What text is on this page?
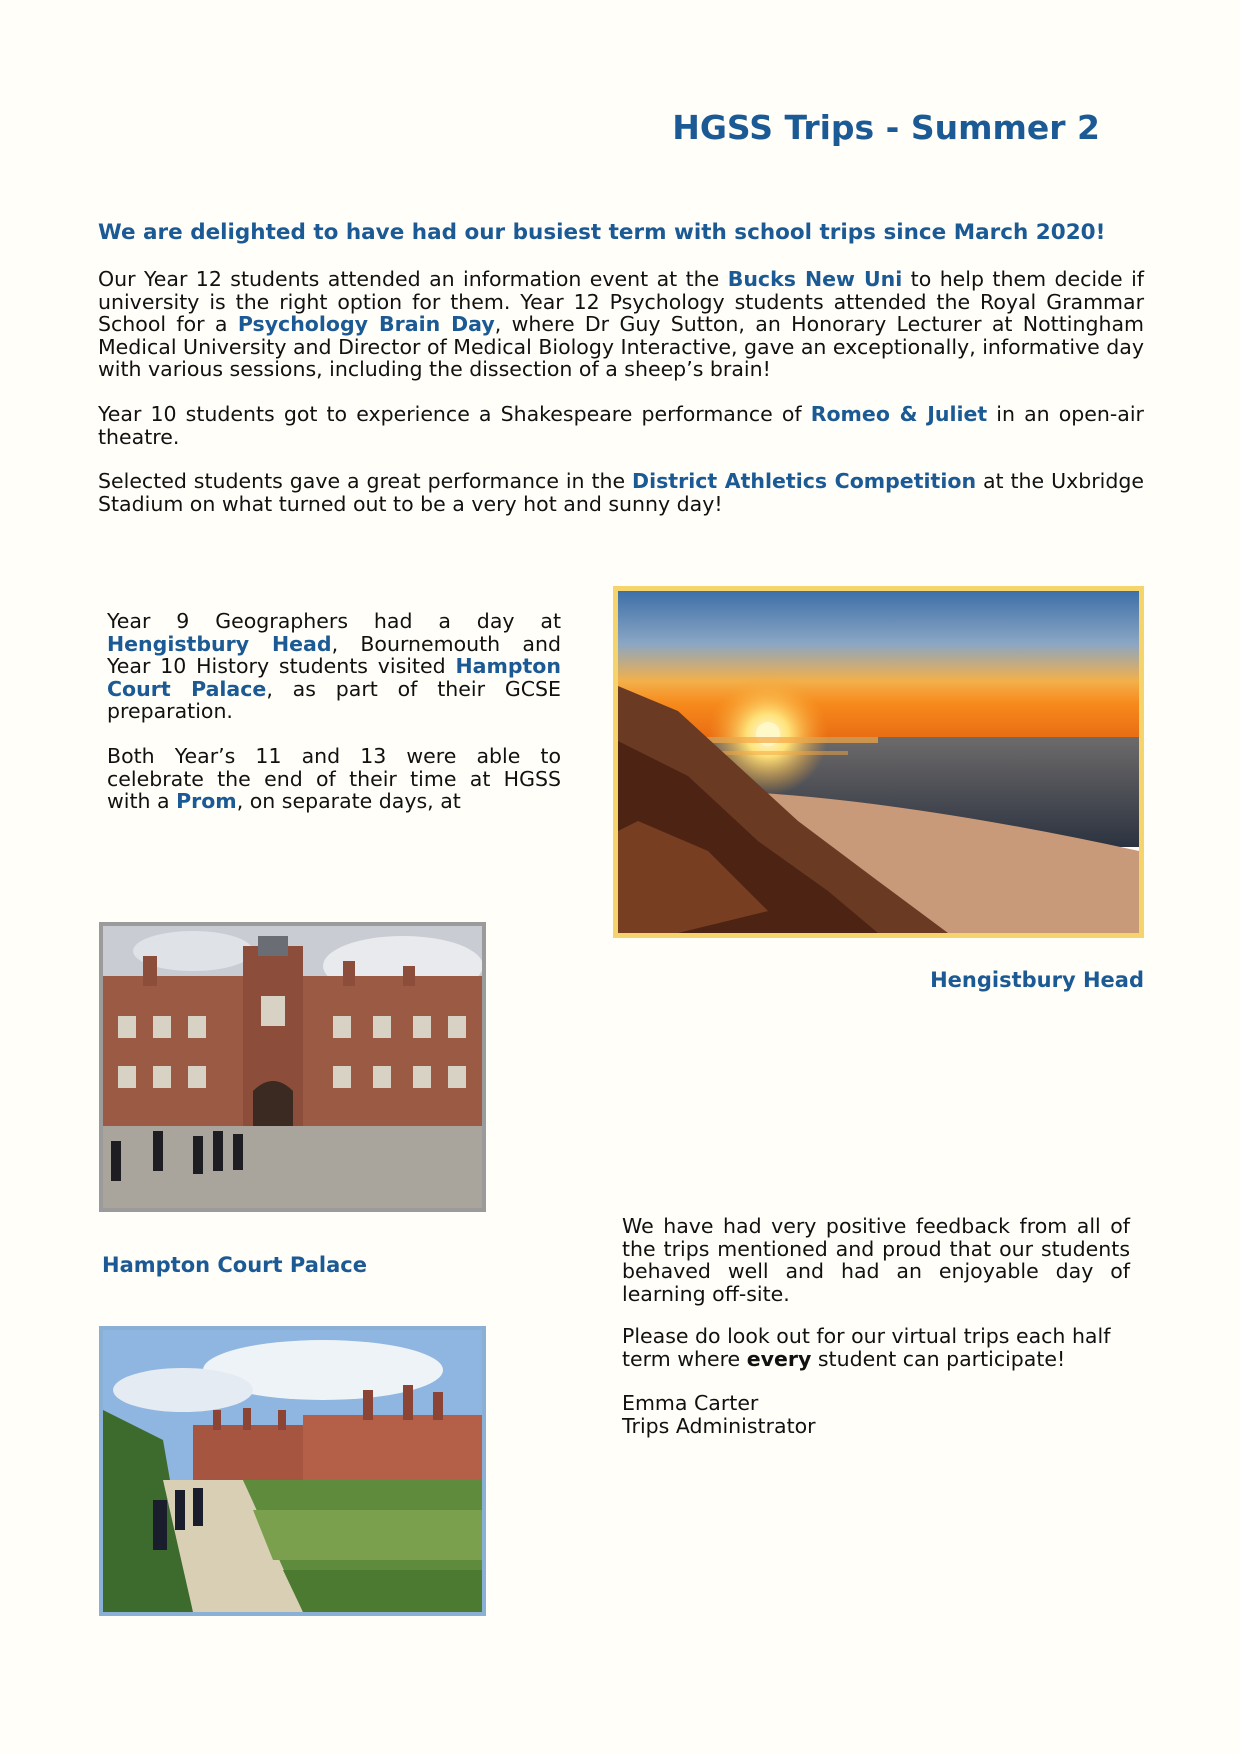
HGSS Trips - Summer 2

We are delighted to have had our busiest term with school trips since March 2020!

Our Year 12 students attended an information event at the Bucks New Uni to help them decide if university is the right option for them. Year 12 Psychology students attended the Royal Grammar School for a Psychology Brain Day, where Dr Guy Sutton, an Honorary Lecturer at Nottingham Medical University and Director of Medical Biology Interactive, gave an exceptionally, informative day with various sessions, including the dissection of a sheep’s brain!

Year 10 students got to experience a Shakespeare performance of Romeo & Juliet in an open-air theatre.

Selected students gave a great performance in the District Athletics Competition at the Uxbridge Stadium on what turned out to be a very hot and sunny day!

Year 9 Geographers had a day at Hengistbury Head, Bournemouth and Year 10 History students visited Hampton Court Palace, as part of their GCSE preparation.

Both Year’s 11 and 13 were able to celebrate the end of their time at HGSS with a Prom, on separate days, at

Hengistbury Head

Hampton Court Palace

We have had very positive feedback from all of the trips mentioned and proud that our students behaved well and had an enjoyable day of learning off-site.

Please do look out for our virtual trips each half term where every student can participate!

Emma Carter
Trips Administrator
